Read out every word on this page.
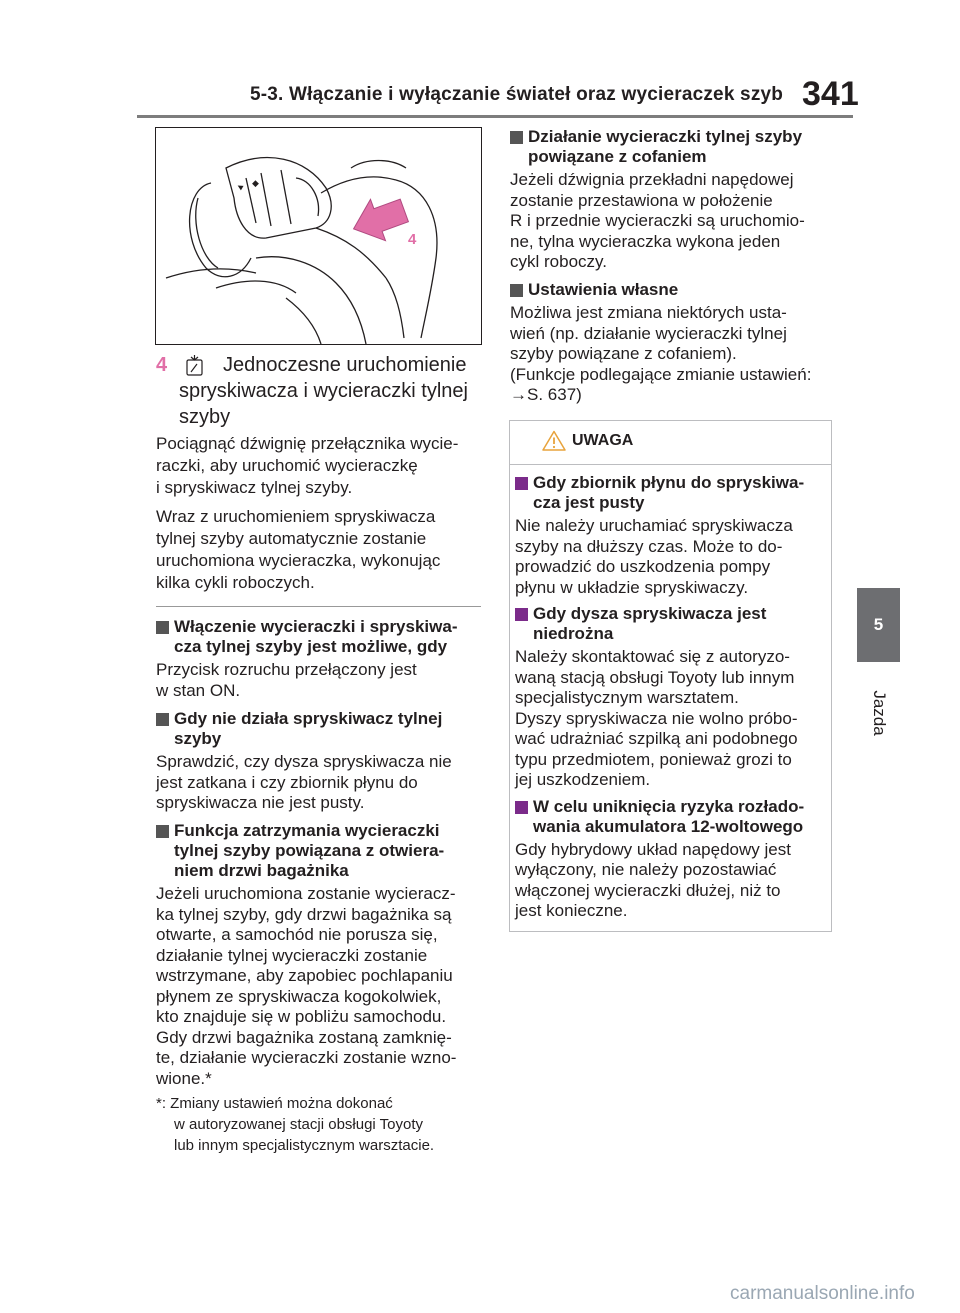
5-3. Włączanie i wyłączanie świateł oraz wycieraczek szyb 341
5
Jazda
▲ ◆
4
4	Jednoczesne uruchomienie
spryskiwacza i wycieraczki tylnej
szyby

Pociągnąć dźwignię przełącznika wycie-

raczki, aby uruchomić wycieraczkę

i spryskiwacz tylnej szyby.

Wraz z uruchomieniem spryskiwacza

tylnej szyby automatycznie zostanie

uruchomiona wycieraczka, wykonując

kilka cykli roboczych.

Włączenie wycieraczki i spryskiwa-

cza tylnej szyby jest możliwe, gdy

Przycisk rozruchu przełączony jest

w stan ON.

Gdy nie działa spryskiwacz tylnej

szyby

Sprawdzić, czy dysza spryskiwacza nie

jest zatkana i czy zbiornik płynu do

spryskiwacza nie jest pusty.

Funkcja zatrzymania wycieraczki

tylnej szyby powiązana z otwiera-

niem drzwi bagażnika

Jeżeli uruchomiona zostanie wycieracz-

ka tylnej szyby, gdy drzwi bagażnika są

otwarte, a samochód nie porusza się,

działanie tylnej wycieraczki zostanie

wstrzymane, aby zapobiec pochlapaniu

płynem ze spryskiwacza kogokolwiek,

kto znajduje się w pobliżu samochodu.

Gdy drzwi bagażnika zostaną zamknię-

te, działanie wycieraczki zostanie wzno-

wione.*

*: Zmiany ustawień można dokonać

w autoryzowanej stacji obsługi Toyoty

lub innym specjalistycznym warsztacie.

Działanie wycieraczki tylnej szyby

powiązane z cofaniem

Jeżeli dźwignia przekładni napędowej

zostanie przestawiona w położenie

R i przednie wycieraczki są uruchomio-

ne, tylna wycieraczka wykona jeden

cykl roboczy.

Ustawienia własne

Możliwa jest zmiana niektórych usta-

wień (np. działanie wycieraczki tylnej

szyby powiązane z cofaniem).

(Funkcje podlegające zmianie ustawień:

→S. 637)

UWAGA

Gdy zbiornik płynu do spryskiwa-

cza jest pusty

Nie należy uruchamiać spryskiwacza

szyby na dłuższy czas. Może to do-

prowadzić do uszkodzenia pompy

płynu w układzie spryskiwaczy.

Gdy dysza spryskiwacza jest

niedrożna

Należy skontaktować się z autoryzo-

waną stacją obsługi Toyoty lub innym

specjalistycznym warsztatem.

Dyszy spryskiwacza nie wolno próbo-

wać udrażniać szpilką ani podobnego

typu przedmiotem, ponieważ grozi to

jej uszkodzeniem.

W celu uniknięcia ryzyka rozłado-

wania akumulatora 12-woltowego

Gdy hybrydowy układ napędowy jest

wyłączony, nie należy pozostawiać

włączonej wycieraczki dłużej, niż to

jest konieczne.

carmanualsonline.info
